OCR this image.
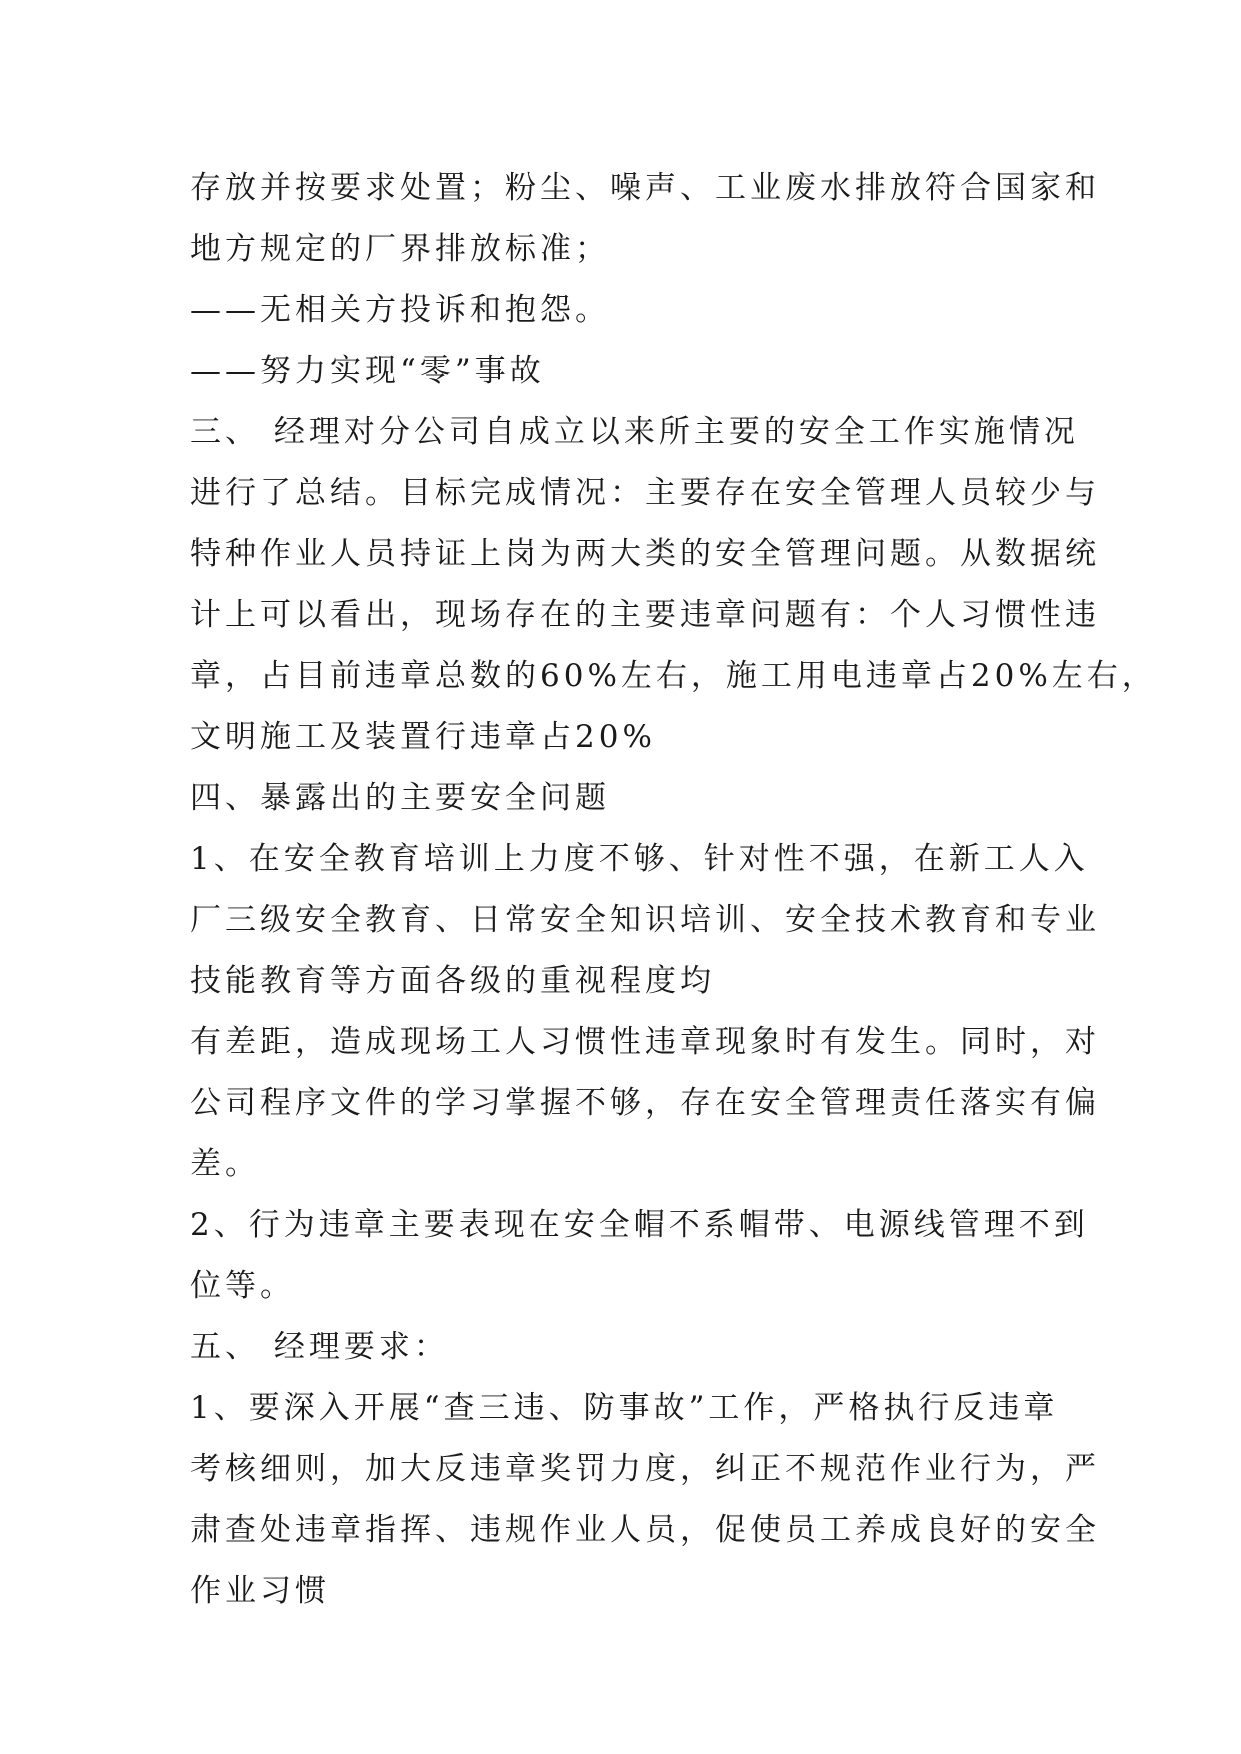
存放并按要求处置；粉尘、噪声、工业废水排放符合国家和
地方规定的厂界排放标准；
——无相关方投诉和抱怨。
——努力实现“零”事故
三、 经理对分公司自成立以来所主要的安全工作实施情况
进行了总结。目标完成情况：主要存在安全管理人员较少与
特种作业人员持证上岗为两大类的安全管理问题。从数据统
计上可以看出，现场存在的主要违章问题有：个人习惯性违
章，占目前违章总数的60%左右，施工用电违章占20%左右，
文明施工及装置行违章占20%
四、暴露出的主要安全问题
1、在安全教育培训上力度不够、针对性不强，在新工人入
厂三级安全教育、日常安全知识培训、安全技术教育和专业
技能教育等方面各级的重视程度均
有差距，造成现场工人习惯性违章现象时有发生。同时，对
公司程序文件的学习掌握不够，存在安全管理责任落实有偏
差。
2、行为违章主要表现在安全帽不系帽带、电源线管理不到
位等。
五、 经理要求：
1、要深入开展“查三违、防事故”工作，严格执行反违章
考核细则，加大反违章奖罚力度，纠正不规范作业行为，严
肃查处违章指挥、违规作业人员，促使员工养成良好的安全
作业习惯
